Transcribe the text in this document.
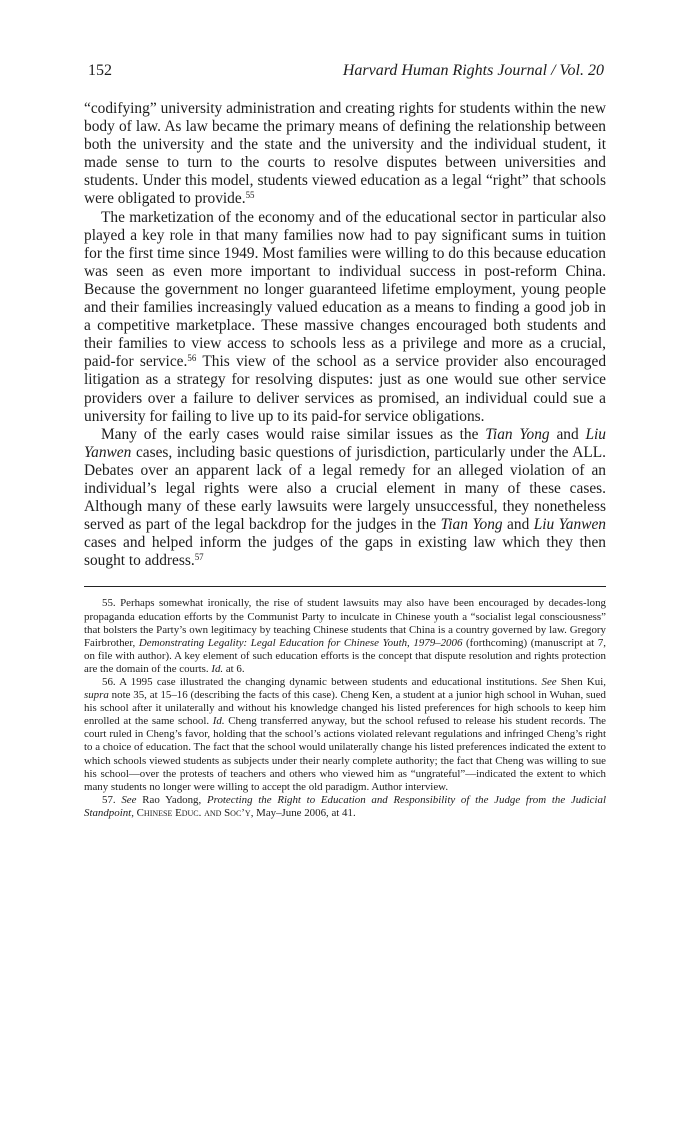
152	Harvard Human Rights Journal / Vol. 20

“codifying” university administration and creating rights for students within the new body of law. As law became the primary means of defining the relationship between both the university and the state and the university and the individual student, it made sense to turn to the courts to resolve disputes between universities and students. Under this model, students viewed education as a legal “right” that schools were obligated to provide.$^{55}$

The marketization of the economy and of the educational sector in particular also played a key role in that many families now had to pay significant sums in tuition for the first time since 1949. Most families were willing to do this because education was seen as even more important to individual success in post-reform China. Because the government no longer guaranteed lifetime employment, young people and their families increasingly valued education as a means to finding a good job in a competitive marketplace. These massive changes encouraged both students and their families to view access to schools less as a privilege and more as a crucial, paid-for service.$^{56}$ This view of the school as a service provider also encouraged litigation as a strategy for resolving disputes: just as one would sue other service providers over a failure to deliver services as promised, an individual could sue a university for failing to live up to its paid-for service obligations.

Many of the early cases would raise similar issues as the Tian Yong and Liu Yanwen cases, including basic questions of jurisdiction, particularly under the ALL. Debates over an apparent lack of a legal remedy for an alleged violation of an individual’s legal rights were also a crucial element in many of these cases. Although many of these early lawsuits were largely unsuccessful, they nonetheless served as part of the legal backdrop for the judges in the Tian Yong and Liu Yanwen cases and helped inform the judges of the gaps in existing law which they then sought to address.$^{57}$

55. Perhaps somewhat ironically, the rise of student lawsuits may also have been encouraged by decades-long propaganda education efforts by the Communist Party to inculcate in Chinese youth a “socialist legal consciousness” that bolsters the Party’s own legitimacy by teaching Chinese students that China is a country governed by law. Gregory Fairbrother, Demonstrating Legality: Legal Education for Chinese Youth, 1979–2006 (forthcoming) (manuscript at 7, on file with author). A key element of such education efforts is the concept that dispute resolution and rights protection are the domain of the courts. Id. at 6.

56. A 1995 case illustrated the changing dynamic between students and educational institutions. See Shen Kui, supra note 35, at 15–16 (describing the facts of this case). Cheng Ken, a student at a junior high school in Wuhan, sued his school after it unilaterally and without his knowledge changed his listed preferences for high schools to keep him enrolled at the same school. Id. Cheng transferred anyway, but the school refused to release his student records. The court ruled in Cheng’s favor, holding that the school’s actions violated relevant regulations and infringed Cheng’s right to a choice of education. The fact that the school would unilaterally change his listed preferences indicated the extent to which schools viewed students as subjects under their nearly complete authority; the fact that Cheng was willing to sue his school—over the protests of teachers and others who viewed him as “ungrateful”—indicated the extent to which many students no longer were willing to accept the old paradigm. Author interview.

57. See Rao Yadong, Protecting the Right to Education and Responsibility of the Judge from the Judicial Standpoint, Chinese Educ. and Soc’y, May–June 2006, at 41.
